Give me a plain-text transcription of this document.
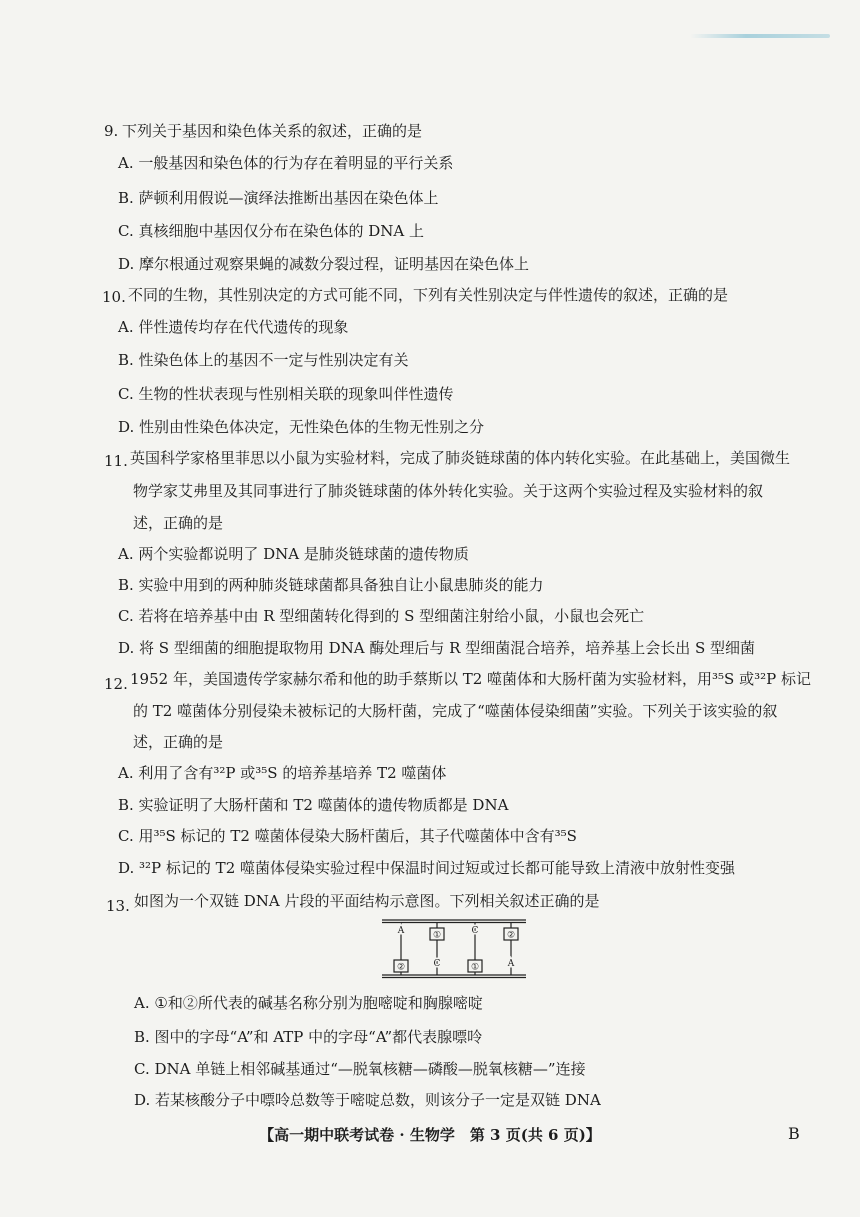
9. 下列关于基因和染色体关系的叙述，正确的是
A. 一般基因和染色体的行为存在着明显的平行关系
B. 萨顿利用假说—演绎法推断出基因在染色体上
C. 真核细胞中基因仅分布在染色体的 DNA 上
D. 摩尔根通过观察果蝇的减数分裂过程，证明基因在染色体上
10. 不同的生物，其性别决定的方式可能不同，下列有关性别决定与伴性遗传的叙述，正确的是
A. 伴性遗传均存在代代遗传的现象
B. 性染色体上的基因不一定与性别决定有关
C. 生物的性状表现与性别相关联的现象叫伴性遗传
D. 性别由性染色体决定，无性染色体的生物无性别之分
11. 英国科学家格里菲思以小鼠为实验材料，完成了肺炎链球菌的体内转化实验。在此基础上，美国微生
物学家艾弗里及其同事进行了肺炎链球菌的体外转化实验。关于这两个实验过程及实验材料的叙
述，正确的是
A. 两个实验都说明了 DNA 是肺炎链球菌的遗传物质
B. 实验中用到的两种肺炎链球菌都具备独自让小鼠患肺炎的能力
C. 若将在培养基中由 R 型细菌转化得到的 S 型细菌注射给小鼠，小鼠也会死亡
D. 将 S 型细菌的细胞提取物用 DNA 酶处理后与 R 型细菌混合培养，培养基上会长出 S 型细菌
12. 1952 年，美国遗传学家赫尔希和他的助手蔡斯以 T2 噬菌体和大肠杆菌为实验材料，用³⁵S 或³²P 标记
的 T2 噬菌体分别侵染未被标记的大肠杆菌，完成了“噬菌体侵染细菌”实验。下列关于该实验的叙
述，正确的是
A. 利用了含有³²P 或³⁵S 的培养基培养 T2 噬菌体
B. 实验证明了大肠杆菌和 T2 噬菌体的遗传物质都是 DNA
C. 用³⁵S 标记的 T2 噬菌体侵染大肠杆菌后，其子代噬菌体中含有³⁵S
D. ³²P 标记的 T2 噬菌体侵染实验过程中保温时间过短或过长都可能导致上清液中放射性变强
13. 如图为一个双链 DNA 片段的平面结构示意图。下列相关叙述正确的是
A	①	C	②
②	C	①	A
A. ①和②所代表的碱基名称分别为胞嘧啶和胸腺嘧啶
B. 图中的字母“A”和 ATP 中的字母“A”都代表腺嘌呤
C. DNA 单链上相邻碱基通过“—脱氧核糖—磷酸—脱氧核糖—”连接
D. 若某核酸分子中嘌呤总数等于嘧啶总数，则该分子一定是双链 DNA
【高一期中联考试卷 · 生物学　第 3 页(共 6 页)】	B
